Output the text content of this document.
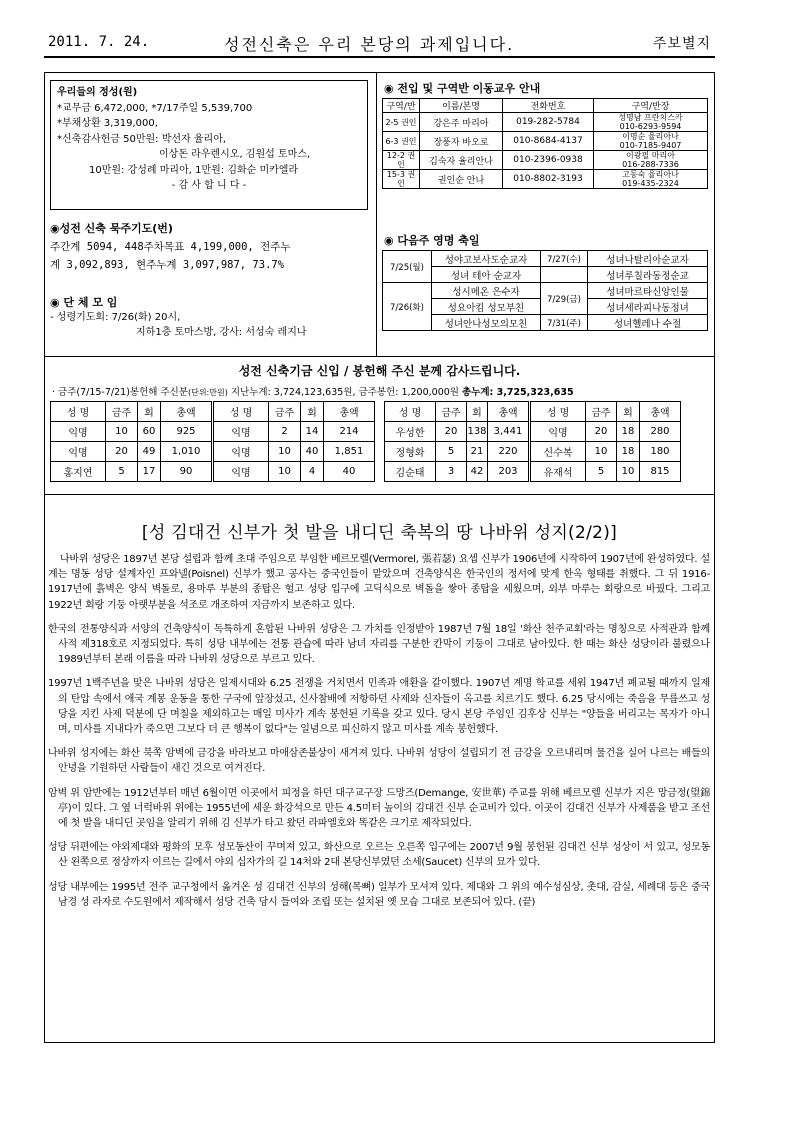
2011. 7. 24.	성전신축은 우리 본당의 과제입니다.	주보별지
우리들의 정성(원)
*교무금 6,472,000, *7/17주일 5,539,700
*부채상환 3,319,000,
*신축감사헌금 50만원: 박선자 율리아,
이상돈 라우렌시오, 김원섭 토마스,
10만원: 강성례 마리아, 1만원: 김화순 미카엘라
- 감 사 합 니 다 -
◉성전 신축 묵주기도(번)
주간계 5094, 448주차목표 4,199,000, 전주누
계 3,092,893, 현주누계 3,097,987, 73.7%
◉ 단 체 모 임
- 성령기도회: 7/26(화) 20시,
지하1층 토마스방, 강사: 서성숙 레지나
◉ 전입 및 구역반 이동교우 안내
구역/반	이름/본명	전화번호	구역/반장
2-5 권인	강은주 마리아	019-282-5784	성명남 프란치스카
010-6293-9594
6-3 권인	장풍자 바오로	010-8684-4137	이명순 율리아나
010-7185-9407
12-2 권인	김숙자 율리안나	010-2396-0938	이광필 마리아
016-288-7336
15-3 권인	권인순 안나	010-8802-3193	고동숙 율리아나
019-435-2324
◉ 다음주 영명 축일
7/25(월)	성야고보사도순교자	7/27(수)	성녀나탈리아순교자
	성녀 테아 순교자		성녀루칠라동정순교
7/26(화)	성시메온 은수자	7/29(금)	성녀마르타신앙인물
	성요아킴 성모부친		성녀세라피나동정녀
	성녀안나성모의모친	7/31(주)	성녀헬레나 수절
성전 신축기금 신입 / 봉헌해 주신 분께 감사드립니다.
· 금주(7/15-7/21)봉헌해 주신분(단위:만원) 지난누계: 3,724,123,635원, 금주봉헌: 1,200,000원 총누계: 3,725,323,635
성 명	금주	회	총액	성 명	금주	회	총액
익명	10	60	925	익명	2	14	214
익명	20	49	1,010	익명	10	40	1,851
홍지연	5	17	90	익명	10	4	40
성 명	금주	회	총액	성 명	금주	회	총액
우성한	20	138	3,441	익명	20	18	280
정형화	5	21	220	신수복	10	18	180
김순태	3	42	203	유재석	5	10	815
[성 김대건 신부가 첫 발을 내디딘 축복의 땅 나바위 성지(2/2)]

나바위 성당은 1897년 본당 설립과 함께 초대 주임으로 부임한 베르모렐(Vermorel, 張若瑟) 요셉 신부가 1906년에 시작하여 1907년에 완성하였다. 설계는 명동 성당 설계자인 프와넬(Poisnel) 신부가 했고 공사는 중국인들이 맡았으며 건축양식은 한국인의 정서에 맞게 한옥 형태를 취했다. 그 뒤 1916-1917년에 흙벽은 양식 벽돌로, 용마루 부분의 종탑은 헐고 성당 입구에 고딕식으로 벽돌을 쌓아 종탑을 세웠으며, 외부 마루는 회랑으로 바꿨다. 그리고 1922년 회랑 기둥 아랫부분을 석조로 개조하여 지금까지 보존하고 있다.

한국의 전통양식과 서양의 건축양식이 독특하게 혼합된 나바위 성당은 그 가치를 인정받아 1987년 7월 18일 '화산 천주교회'라는 명칭으로 사적관과 함께 사적 제318호로 지정되었다. 특히 성당 내부에는 전통 관습에 따라 남녀 자리를 구분한 칸막이 기둥이 그대로 남아있다. 한 때는 화산 성당이라 불렸으나 1989년부터 본래 이름을 따라 나바위 성당으로 부르고 있다.

1997년 1백주년을 맞은 나바위 성당은 일제시대와 6.25 전쟁을 거치면서 민족과 애환을 같이했다. 1907년 계명 학교를 세워 1947년 폐교될 때까지 일제의 탄압 속에서 애국 계몽 운동을 통한 구국에 앞장섰고, 신사참배에 저항하던 사제와 신자들이 옥고를 치르기도 했다. 6.25 당시에는 죽음을 무릅쓰고 성당을 지킨 사제 덕분에 단 며칠을 제외하고는 매일 미사가 계속 봉헌된 기록을 갖고 있다. 당시 본당 주임인 김후상 신부는 "양들을 버리고는 목자가 아니며, 미사를 지내다가 죽으면 그보다 더 큰 행복이 없다"는 일념으로 피신하지 않고 미사를 계속 봉헌했다.

나바위 성지에는 화산 북쪽 암벽에 금강을 바라보고 마애삼존불상이 새겨져 있다. 나바위 성당이 설립되기 전 금강을 오르내리며 물건을 실어 나르는 배들의 안녕을 기원하던 사람들이 새긴 것으로 여겨진다.

암벽 위 암반에는 1912년부터 매년 6월이면 이곳에서 피정을 하던 대구교구장 드망즈(Demange, 安世華) 주교를 위해 베르모렐 신부가 지은 망금정(望錦亭)이 있다. 그 옆 너럭바위 위에는 1955년에 세운 화강석으로 만든 4.5미터 높이의 김대건 신부 순교비가 있다. 이곳이 김대건 신부가 사제품을 받고 조선에 첫 발을 내디딘 곳임을 알리기 위해 김 신부가 타고 왔던 라파엘호와 똑같은 크기로 제작되었다.

성당 뒤편에는 야외제대와 평화의 모후 성모동산이 꾸며져 있고, 화산으로 오르는 오른쪽 입구에는 2007년 9월 봉헌된 김대건 신부 성상이 서 있고, 성모동산 왼쪽으로 정상까지 이르는 길에서 야외 십자가의 길 14처와 2대 본당신부였던 소세(Saucet) 신부의 묘가 있다.

성당 내부에는 1995년 전주 교구청에서 옮겨온 성 김대건 신부의 성해(목뼈) 일부가 모셔져 있다. 제대와 그 위의 예수성심상, 촛대, 감실, 세례대 등은 중국 남경 성 라자로 수도원에서 제작해서 성당 건축 당시 들여와 조립 또는 설치된 옛 모습 그대로 보존되어 있다. (끝)
